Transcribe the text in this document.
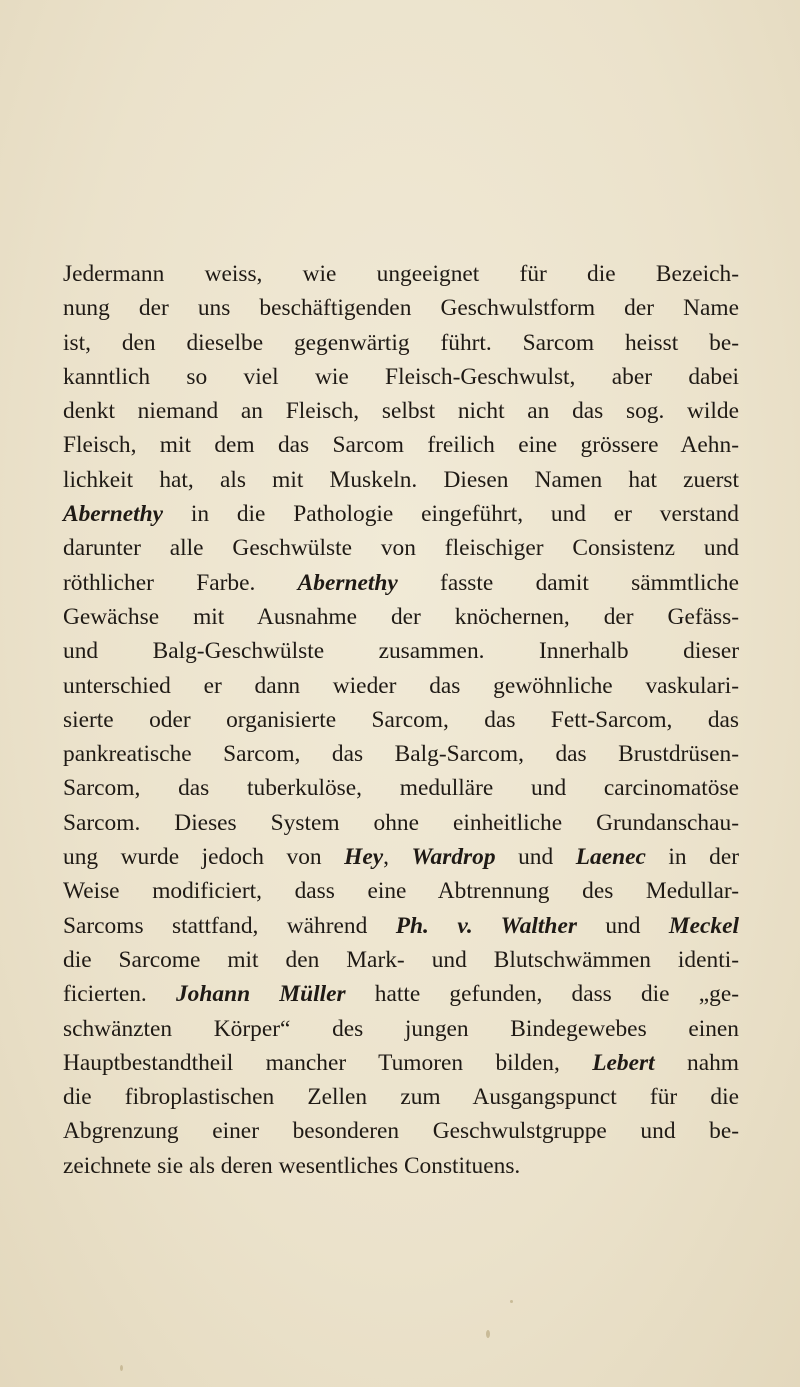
Jedermann weiss, wie ungeeignet für die Bezeich-
nung der uns beschäftigenden Geschwulstform der Name
ist, den dieselbe gegenwärtig führt. Sarcom heisst be-
kanntlich so viel wie Fleisch-Geschwulst, aber dabei
denkt niemand an Fleisch, selbst nicht an das sog. wilde
Fleisch, mit dem das Sarcom freilich eine grössere Aehn-
lichkeit hat, als mit Muskeln. Diesen Namen hat zuerst
Abernethy in die Pathologie eingeführt, und er verstand
darunter alle Geschwülste von fleischiger Consistenz und
röthlicher Farbe. Abernethy fasste damit sämmtliche
Gewächse mit Ausnahme der knöchernen, der Gefäss-
und Balg-Geschwülste zusammen. Innerhalb dieser
unterschied er dann wieder das gewöhnliche vaskulari-
sierte oder organisierte Sarcom, das Fett-Sarcom, das
pankreatische Sarcom, das Balg-Sarcom, das Brustdrüsen-
Sarcom, das tuberkulöse, medulläre und carcinomatöse
Sarcom. Dieses System ohne einheitliche Grundanschau-
ung wurde jedoch von Hey, Wardrop und Laenec in der
Weise modificiert, dass eine Abtrennung des Medullar-
Sarcoms stattfand, während Ph. v. Walther und Meckel
die Sarcome mit den Mark- und Blutschwämmen identi-
ficierten. Johann Müller hatte gefunden, dass die „ge-
schwänzten Körper“ des jungen Bindegewebes einen
Hauptbestandtheil mancher Tumoren bilden, Lebert nahm
die fibroplastischen Zellen zum Ausgangspunct für die
Abgrenzung einer besonderen Geschwulstgruppe und be-
zeichnete sie als deren wesentliches Constituens.
